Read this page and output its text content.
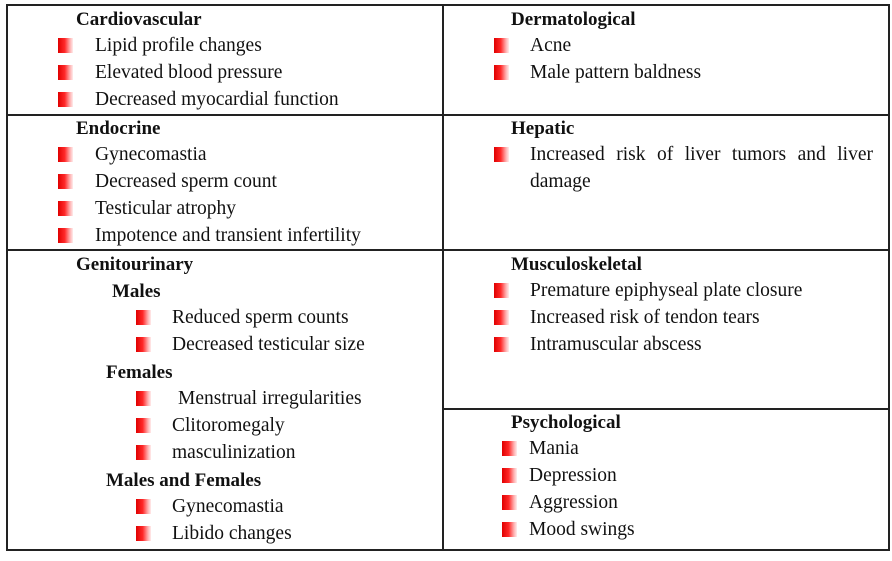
Cardiovascular
Lipid profile changes
Elevated blood pressure
Decreased myocardial function
Dermatological
Acne
Male pattern baldness
Endocrine
Gynecomastia
Decreased sperm count
Testicular atrophy
Impotence and transient infertility
Hepatic
Increased risk of liver tumors and liver damage
Genitourinary
Males
Reduced sperm counts
Decreased testicular size
Females
Menstrual irregularities
Clitoromegaly
masculinization
Males and Females
Gynecomastia
Libido changes
Musculoskeletal
Premature epiphyseal plate closure
Increased risk of tendon tears
Intramuscular abscess
Psychological
Mania
Depression
Aggression
Mood swings
